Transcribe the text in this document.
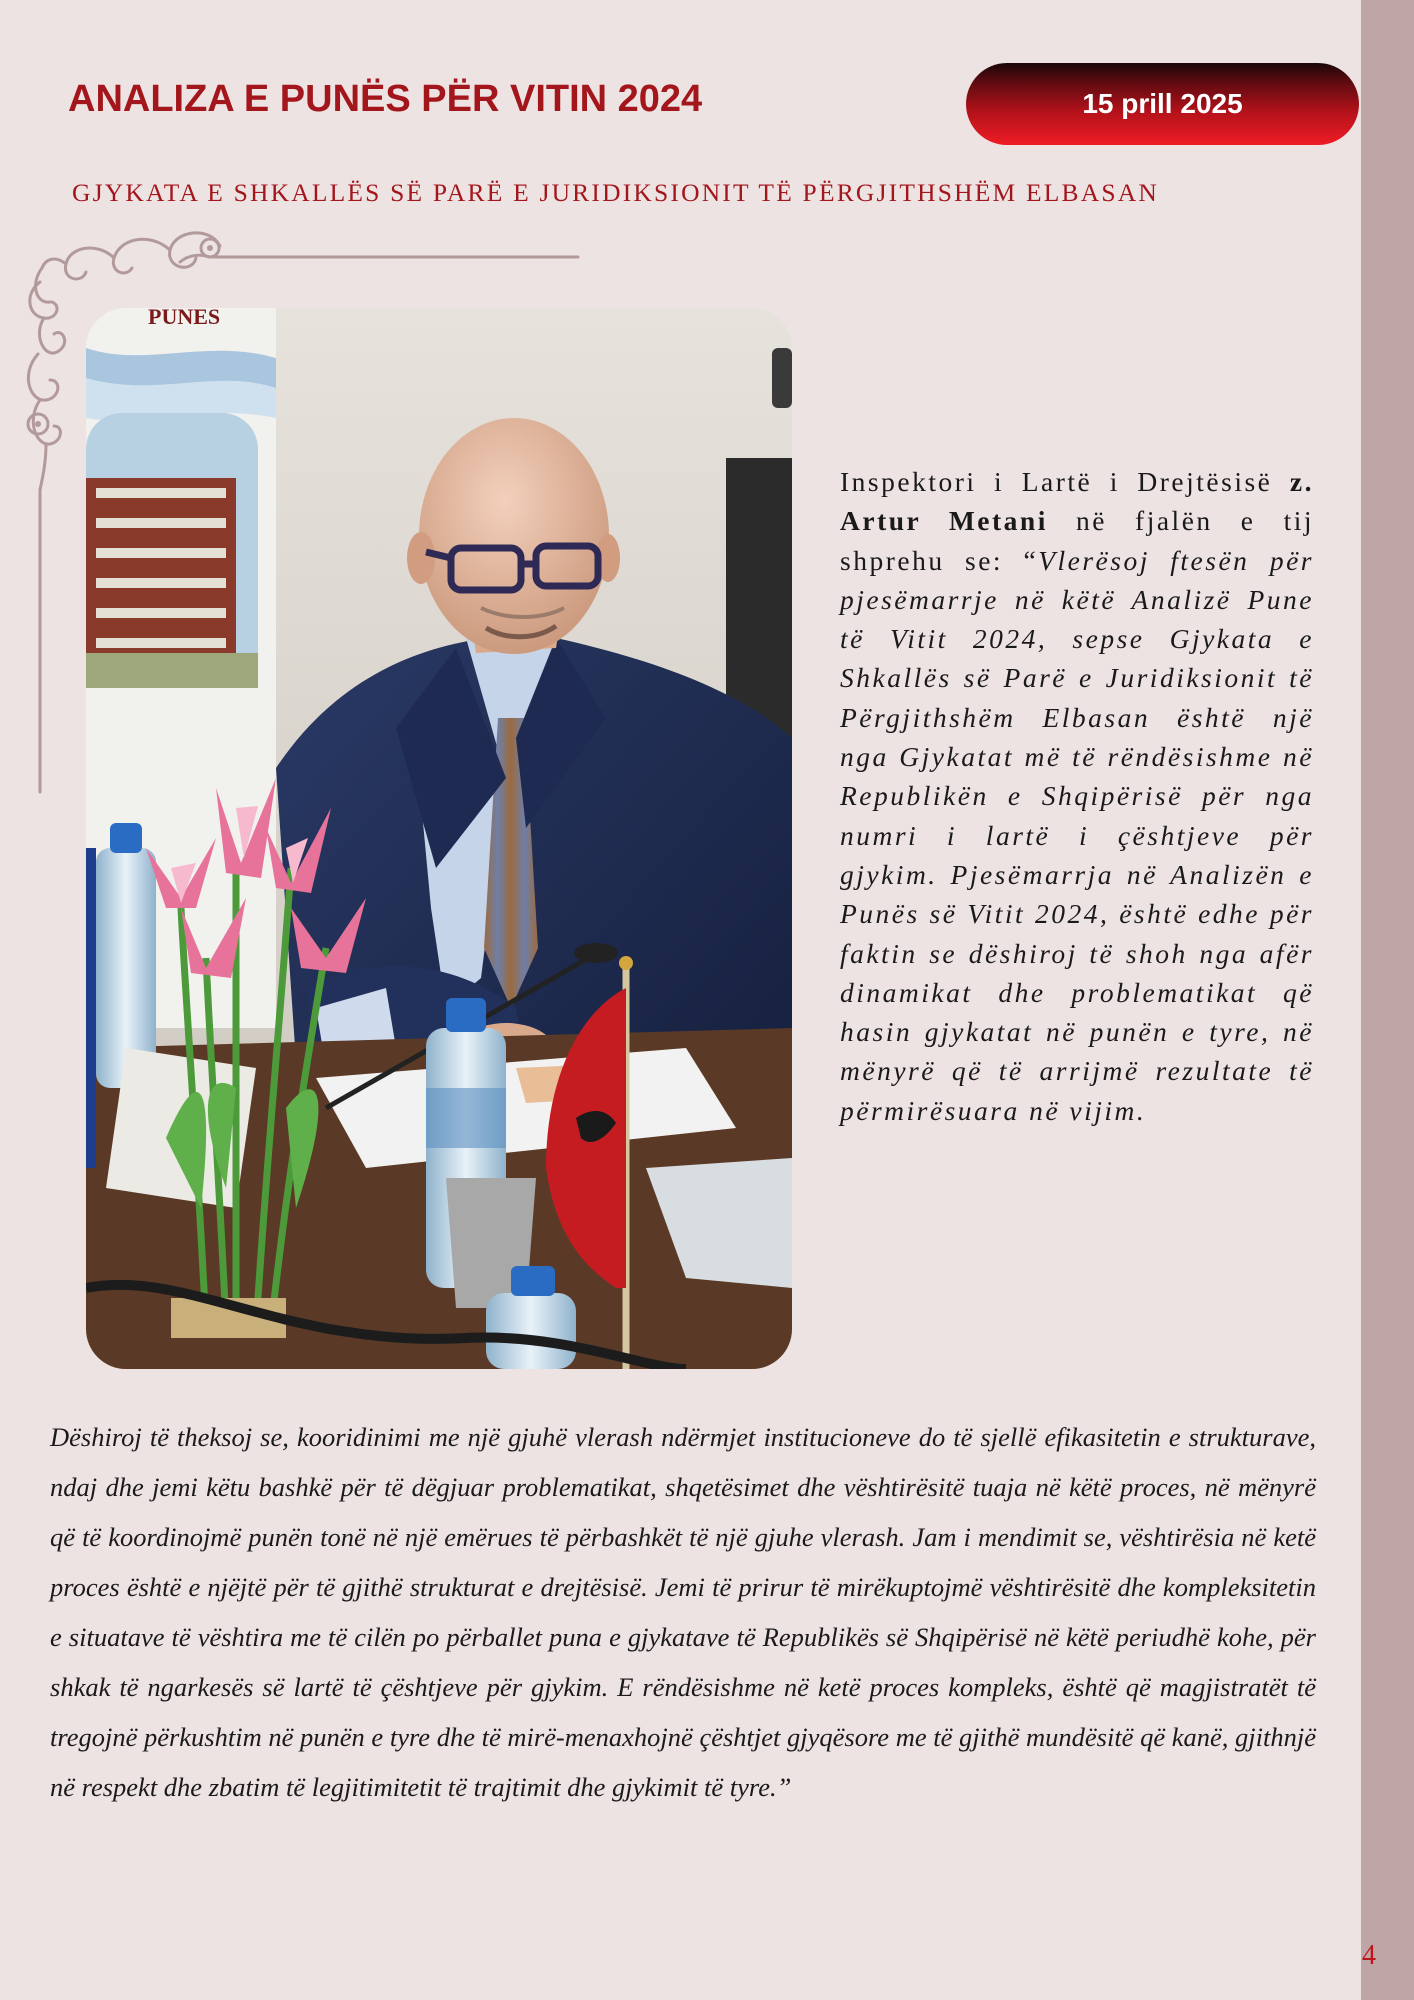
ANALIZA E PUNËS PËR VITIN 2024	15 prill 2025
GJYKATA E SHKALLËS SË PARË E JURIDIKSIONIT TË PËRGJITHSHËM ELBASAN
PUNES

Inspektori i Lartë i Drejtësisë z. Artur Metani në fjalën e tij shprehu se: “Vlerësoj ftesën për pjesëmarrje në këtë Analizë Pune të Vitit 2024, sepse Gjykata e Shkallës së Parë e Juridiksionit të Përgjithshëm Elbasan është një nga Gjykatat më të rëndësishme në Republikën e Shqipërisë për nga numri i lartë i çështjeve për gjykim. Pjesëmarrja në Analizën e Punës së Vitit 2024, është edhe për faktin se dëshiroj të shoh nga afër dinamikat dhe problematikat që hasin gjykatat në punën e tyre, në mënyrë që të arrijmë rezultate të përmirësuara në vijim.

Dëshiroj të theksoj se, kooridinimi me një gjuhë vlerash ndërmjet institucioneve do të sjellë efikasitetin e strukturave, ndaj dhe jemi këtu bashkë për të dëgjuar problematikat, shqetësimet dhe vështirësitë tuaja në këtë proces, në mënyrë që të koordinojmë punën tonë në një emërues të përbashkët të një gjuhe vlerash. Jam i mendimit se, vështirësia në ketë proces është e njëjtë për të gjithë strukturat e drejtësisë. Jemi të prirur të mirëkuptojmë vështirësitë dhe kompleksitetin e situatave të vështira me të cilën po përballet puna e gjykatave të Republikës së Shqipërisë në këtë periudhë kohe, për shkak të ngarkesës së lartë të çështjeve për gjykim. E rëndësishme në ketë proces kompleks, është që magjistratët të tregojnë përkushtim në punën e tyre dhe të mirë-menaxhojnë çështjet gjyqësore me të gjithë mundësitë që kanë, gjithnjë në respekt dhe zbatim të legjitimitetit të trajtimit dhe gjykimit të tyre.”

4
